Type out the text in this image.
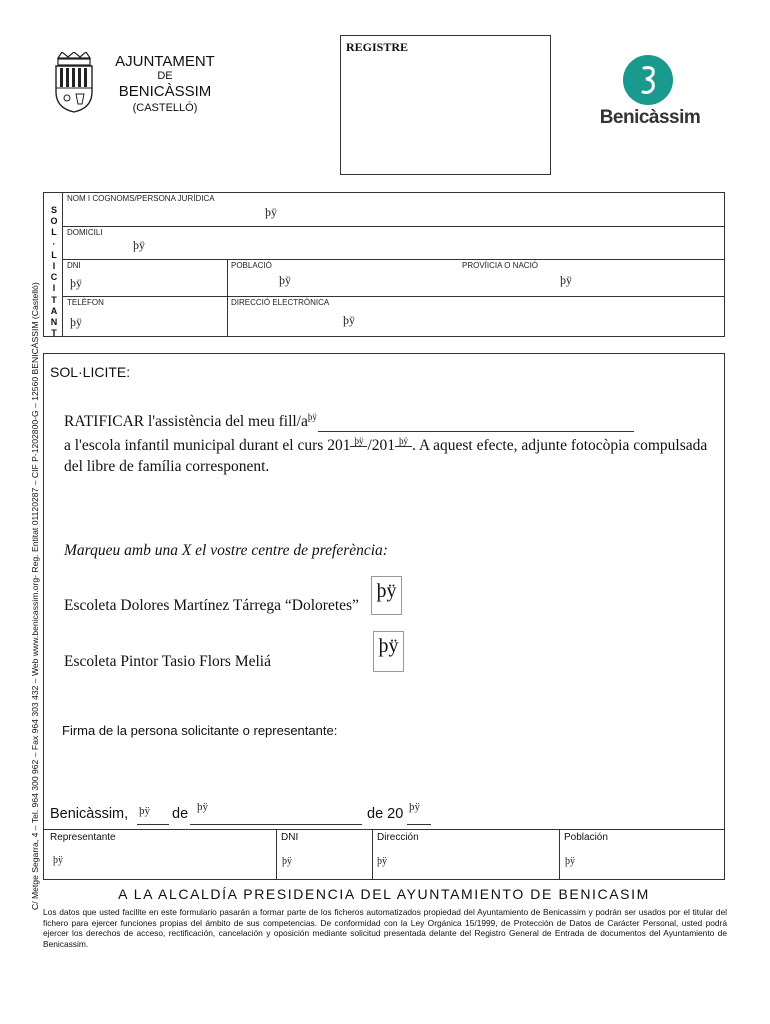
C/ Metge Segarra, 4 – Tel. 964 300 962 – Fax 964 303 432 – Web www.benicassim.org- Reg. Entitat 01120287 – CIF P-1202800-G – 12560 BENICÀSSIM (Castelló)
AJUNTAMENT
DE
BENICÀSSIM
(CASTELLÓ)
REGISTRE
Benicàssim
S
O
L
·
L
I
C
I
T
A
N
T
NOM I COGNOMS/PERSONA JURÍDICA
þÿ
DOMICILI
þÿ
DNI
þÿ
POBLACIÓ
þÿ
PROVÍICIA O NACIÓ
þÿ
TELÈFON
þÿ
DIRECCIÓ ELECTRÒNICA
þÿ
SOL·LICITE:
RATIFICAR l'assistència del meu fill/$a^{þÿ}$
a l'escola infantil municipal durant el curs 201 þÿ /201 þÿ . A aquest efecte, adjunte fotocòpia compulsada
del libre de família corresponent.
Marqueu amb una X el vostre centre de preferència:
Escoleta Dolores Martínez Tárrega “Doloretes”
þÿ
Escoleta Pintor Tasio Flors Meliá
þÿ
Firma de la persona solicitante o representante:
Benicàssim, þÿ de þÿ	de 20 þÿ
Representante
þÿ
DNI
þÿ
Dirección
þÿ
Población
þÿ
A LA ALCALDÍA PRESIDENCIA DEL AYUNTAMIENTO DE BENICASIM
Los datos que usted facilite en este formulario pasarán a formar parte de los ficheros automatizados propiedad del Ayuntamiento de Benicassim y podrán ser usados por el titular del fichero para ejercer funciones propias del ámbito de sus competencias. De conformidad con la Ley Orgánica 15/1999, de Protección de Datos de Carácter Personal, usted podrá ejercer los derechos de acceso, rectificación, cancelación y oposición mediante solicitud presentada delante del Registro General de Entrada de documentos del Ayuntamiento de Benicassim.
